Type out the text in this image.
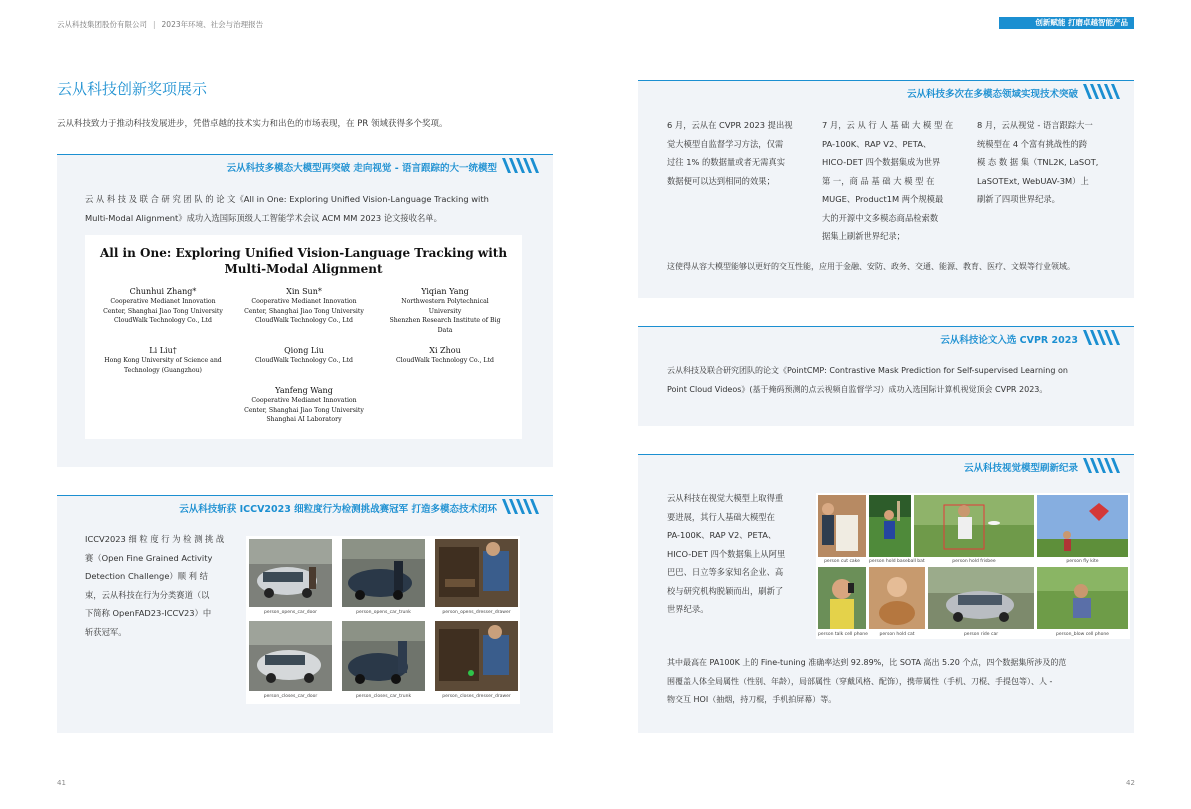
云从科技集团股份有限公司 | 2023年环境、社会与治理报告	创新赋能 打磨卓越智能产品
云从科技创新奖项展示
云从科技致力于推动科技发展进步，凭借卓越的技术实力和出色的市场表现，在 PR 领域获得多个奖项。
云从科技多模态大模型再突破 走向视觉 - 语言跟踪的大一统模型
云 从 科 技 及 联 合 研 究 团 队 的 论 文《All in One: Exploring Unified Vision-Language Tracking with
Multi-Modal Alignment》成功入选国际顶级人工智能学术会议 ACM MM 2023 论文接收名单。
All in One: Exploring Unified Vision-Language Tracking with
Multi-Modal Alignment
Chunhui Zhang*
Cooperative Medianet Innovation
Center, Shanghai Jiao Tong University
CloudWalk Technology Co., Ltd
Xin Sun*
Cooperative Medianet Innovation
Center, Shanghai Jiao Tong University
CloudWalk Technology Co., Ltd
Yiqian Yang
Northwestern Polytechnical
University
Shenzhen Research Institute of Big
Data
Li Liu†
Hong Kong University of Science and
Technology (Guangzhou)
Qiong Liu
CloudWalk Technology Co., Ltd
Xi Zhou
CloudWalk Technology Co., Ltd
Yanfeng Wang
Cooperative Medianet Innovation
Center, Shanghai Jiao Tong University
Shanghai AI Laboratory
云从科技斩获 ICCV2023 细粒度行为检测挑战赛冠军 打造多模态技术闭环
ICCV2023 细 粒 度 行 为 检 测 挑 战
赛（Open Fine Grained Activity
Detection Challenge）顺 利 结
束，云从科技在行为分类赛道（以
下简称 OpenFAD23-ICCV23）中
斩获冠军。
person_opens_car_door	person_opens_car_trunk	person_opens_dresser_drawer
person_closes_car_door	person_closes_car_trunk	person_closes_dresser_drawer
云从科技多次在多模态领域实现技术突破
6 月，云从在 CVPR 2023 提出视
觉大模型自监督学习方法，仅需
过往 1% 的数据量或者无需真实
数据便可以达到相同的效果；
7 月，云 从 行 人 基 础 大 模 型 在
PA-100K、RAP V2、PETA、
HICO-DET 四个数据集成为世界
第 一，商 品 基 础 大 模 型 在
MUGE、Product1M 两个规模最
大的开源中文多模态商品检索数
据集上刷新世界纪录；
8 月，云从视觉 - 语言跟踪大一
统模型在 4 个富有挑战性的跨
模 态 数 据 集（TNL2K, LaSOT,
LaSOTExt, WebUAV-3M）上
刷新了四项世界纪录。
这使得从容大模型能够以更好的交互性能，应用于金融、安防、政务、交通、能源、教育、医疗、文娱等行业领域。
云从科技论文入选 CVPR 2023
云从科技及联合研究团队的论文《PointCMP: Contrastive Mask Prediction for Self-supervised Learning on
Point Cloud Videos》(基于掩码预测的点云视频自监督学习）成功入选国际计算机视觉顶会 CVPR 2023。
云从科技视觉模型刷新纪录
云从科技在视觉大模型上取得重
要进展，其行人基础大模型在
PA-100K、RAP V2、PETA、
HICO-DET 四个数据集上从阿里
巴巴、日立等多家知名企业、高
校与研究机构脱颖而出，刷新了
世界纪录。
其中最高在 PA100K 上的 Fine-tuning 准确率达到 92.89%，比 SOTA 高出 5.20 个点，四个数据集所涉及的范
围覆盖人体全局属性（性别、年龄），局部属性（穿戴风格、配饰），携带属性（手机、刀棍、手提包等）、人 -
物交互 HOI（抽烟，持刀棍，手机拍屏幕）等。
person cut cake	person hold baseball bat	person hold frisbee	person fly kite
person talk cell phone	person hold cat	person ride car	person_blow cell phone
41	42
